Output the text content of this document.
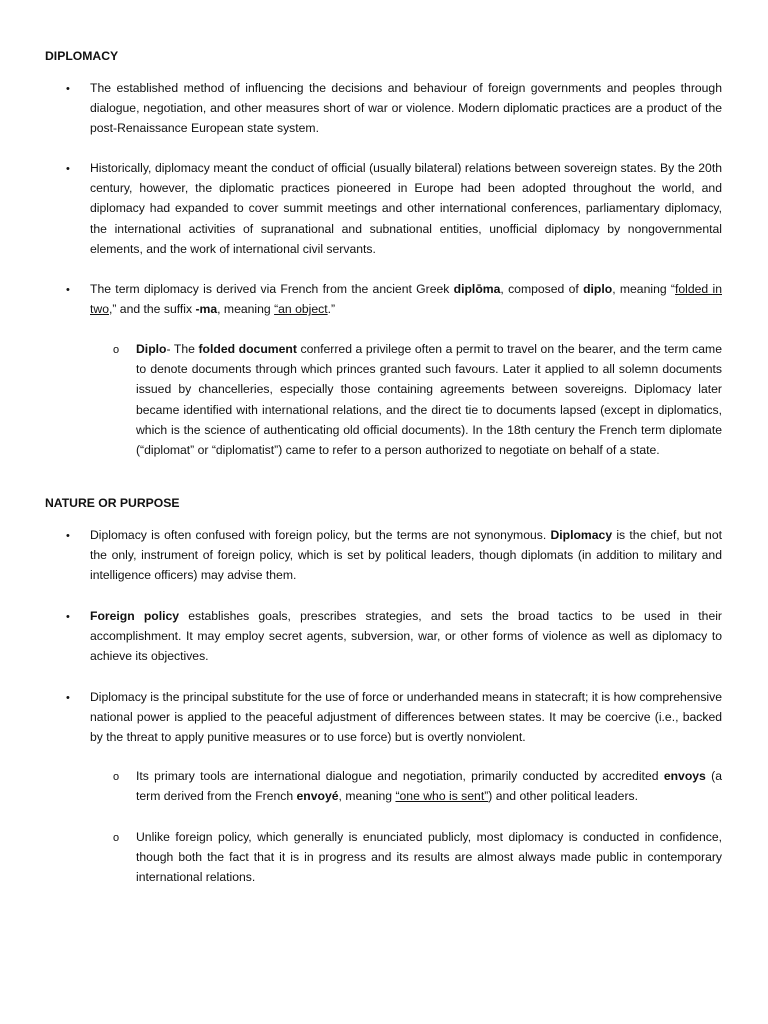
DIPLOMACY
• The established method of influencing the decisions and behaviour of foreign governments and peoples through dialogue, negotiation, and other measures short of war or violence. Modern diplomatic practices are a product of the post-Renaissance European state system.

• Historically, diplomacy meant the conduct of official (usually bilateral) relations between sovereign states. By the 20th century, however, the diplomatic practices pioneered in Europe had been adopted throughout the world, and diplomacy had expanded to cover summit meetings and other international conferences, parliamentary diplomacy, the international activities of supranational and subnational entities, unofficial diplomacy by nongovernmental elements, and the work of international civil servants.

• The term diplomacy is derived via French from the ancient Greek diplōma, composed of diplo, meaning “folded in two,” and the suffix -ma, meaning “an object.”

o Diplo- The folded document conferred a privilege often a permit to travel on the bearer, and the term came to denote documents through which princes granted such favours. Later it applied to all solemn documents issued by chancelleries, especially those containing agreements between sovereigns. Diplomacy later became identified with international relations, and the direct tie to documents lapsed (except in diplomatics, which is the science of authenticating old official documents). In the 18th century the French term diplomate (“diplomat” or “diplomatist”) came to refer to a person authorized to negotiate on behalf of a state.

NATURE OR PURPOSE
• Diplomacy is often confused with foreign policy, but the terms are not synonymous. Diplomacy is the chief, but not the only, instrument of foreign policy, which is set by political leaders, though diplomats (in addition to military and intelligence officers) may advise them.

• Foreign policy establishes goals, prescribes strategies, and sets the broad tactics to be used in their accomplishment. It may employ secret agents, subversion, war, or other forms of violence as well as diplomacy to achieve its objectives.

• Diplomacy is the principal substitute for the use of force or underhanded means in statecraft; it is how comprehensive national power is applied to the peaceful adjustment of differences between states. It may be coercive (i.e., backed by the threat to apply punitive measures or to use force) but is overtly nonviolent.

o Its primary tools are international dialogue and negotiation, primarily conducted by accredited envoys (a term derived from the French envoyé, meaning “one who is sent”) and other political leaders.

o Unlike foreign policy, which generally is enunciated publicly, most diplomacy is conducted in confidence, though both the fact that it is in progress and its results are almost always made public in contemporary international relations.
